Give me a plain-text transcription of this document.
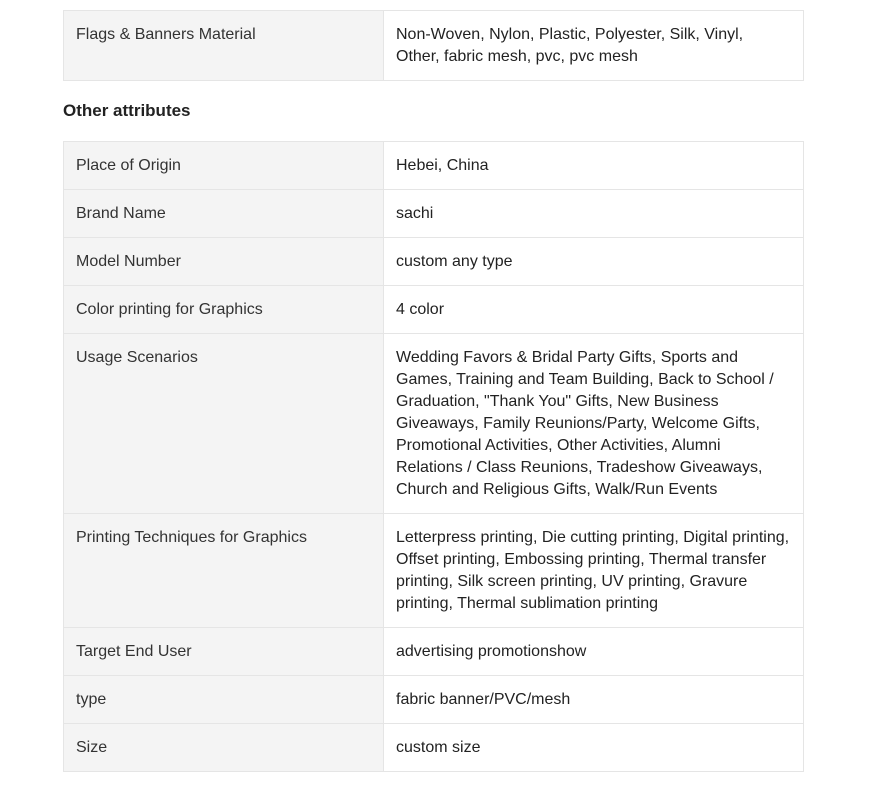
Flags & Banners Material	Non-Woven, Nylon, Plastic, Polyester, Silk, Vinyl, Other, fabric mesh, pvc, pvc mesh
Other attributes
Place of Origin	Hebei, China
Brand Name	sachi
Model Number	custom any type
Color printing for Graphics	4 color
Usage Scenarios	Wedding Favors & Bridal Party Gifts, Sports and Games, Training and Team Building, Back to School / Graduation, "Thank You" Gifts, New Business Giveaways, Family Reunions/Party, Welcome Gifts, Promotional Activities, Other Activities, Alumni Relations / Class Reunions, Tradeshow Giveaways, Church and Religious Gifts, Walk/Run Events
Printing Techniques for Graphics	Letterpress printing, Die cutting printing, Digital printing, Offset printing, Embossing printing, Thermal transfer printing, Silk screen printing, UV printing, Gravure printing, Thermal sublimation printing
Target End User	advertising promotionshow
type	fabric banner/PVC/mesh
Size	custom size
